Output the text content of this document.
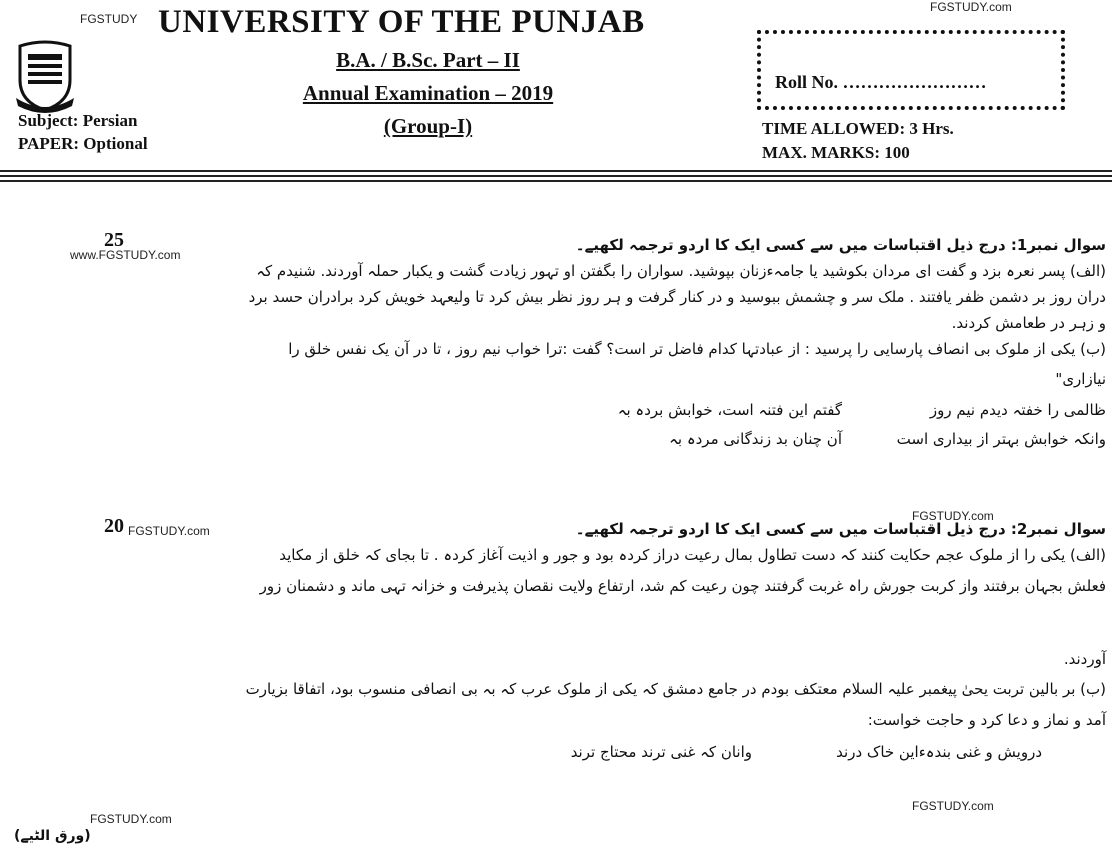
FGSTUDY.com
FGSTUDY UNIVERSITY OF THE PUNJAB
B.A. / B.Sc. Part – II
Annual Examination – 2019
(Group-I)
Subject: Persian
PAPER: Optional
Roll No. ……………………
TIME ALLOWED: 3 Hrs.
MAX. MARKS: 100
25
www.FGSTUDY.com
سوال نمبر1: درج ذیل اقتباسات میں سے کسی ایک کا اردو ترجمہ لکھیے۔
(الف) پسر نعرہ بزد و گفت ای مردان بکوشید یا جامہءزنان بپوشید. سواران را بگفتن او تہور زیادت گشت و یکبار حملہ آوردند. شنیدم کہ
دران روز بر دشمن ظفر یافتند . ملک سر و چشمش ببوسید و در کنار گرفت و ہر روز نظر بیش کرد تا ولیعہد خویش کرد برادران حسد برد
و زہر در طعامش کردند.
(ب) یکی از ملوک بی انصاف پارسایی را پرسید : از عبادتہا کدام فاضل تر است؟ گفت :ترا خواب نیم روز ، تا در آن یک نفس خلق را
نیازاری"
ظالمی را خفتہ دیدم نیم روز
گفتم این فتنہ است، خوابش بردہ بہ
وانکہ خوابش بہتر از بیداری است
آن چنان بد زندگانی مردہ بہ
20 FGSTUDY.com
FGSTUDY.com
سوال نمبر2: درج ذیل اقتباسات میں سے کسی ایک کا اردو ترجمہ لکھیے۔
(الف) یکی را از ملوک عجم حکایت کنند کہ دست تطاول بمال رعیت دراز کردہ بود و جور و اذیت آغاز کردہ . تا بجای کہ خلق از مکاید
فعلش بجہان برفتند واز کربت جورش راہ غربت گرفتند چون رعیت کم شد، ارتفاع ولایت نقصان پذیرفت و خزانہ تہی ماند و دشمنان زور
آوردند.
(ب) بر بالین تربت یحیٰ پیغمبر علیہ السلام معتکف بودم در جامع دمشق کہ یکی از ملوک عرب کہ بہ بی انصافی منسوب بود، اتفاقا بزیارت
آمد و نماز و دعا کرد و حاجت خواست:
درویش و غنی بندہءاین خاک درند
وانان کہ غنی ترند محتاج ترند
FGSTUDY.com
FGSTUDY.com
(ورق الٹیے)
